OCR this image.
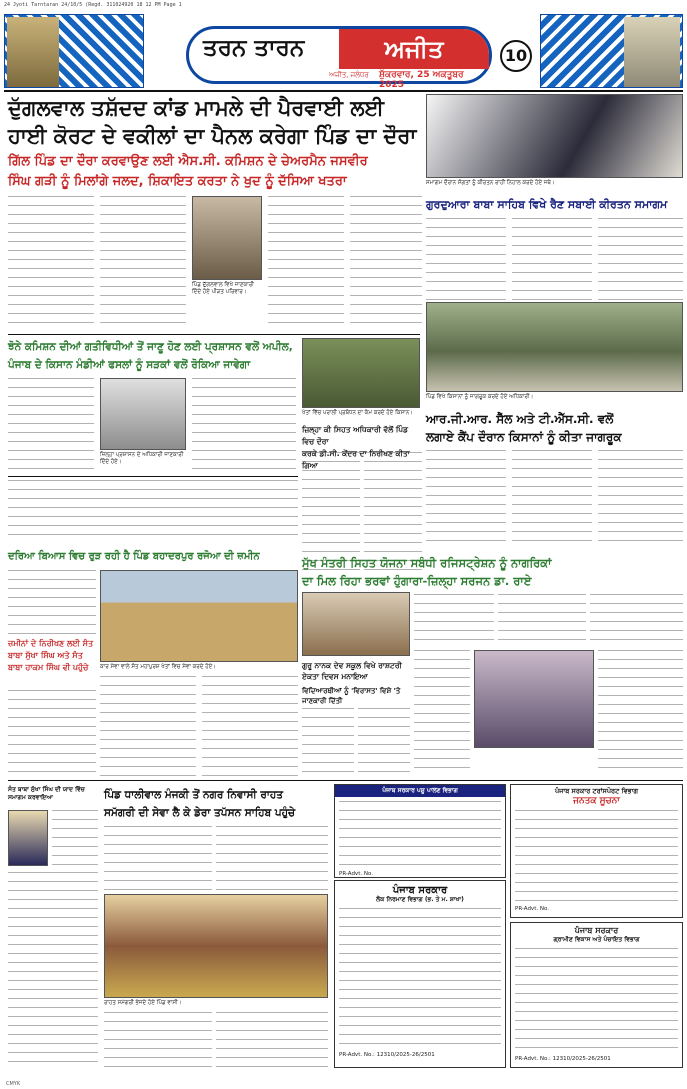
24 Jyoti Tarntaran 24/10/5 (Regd. 311024920 18 12 PM Page 1
ਤਰਨ ਤਾਰਨ	ਅਜੀਤ
ਅਜੀਤ, ਜਲੰਧਰ ਸ਼ੁੱਕਰਵਾਰ, 25 ਅਕਤੂਬਰ 2025
10
ਦੁੱਗਲਵਾਲ ਤਸ਼ੱਦਦ ਕਾਂਡ ਮਾਮਲੇ ਦੀ ਪੈਰਵਾਈ ਲਈ
ਹਾਈ ਕੋਰਟ ਦੇ ਵਕੀਲਾਂ ਦਾ ਪੈਨਲ ਕਰੇਗਾ ਪਿੰਡ ਦਾ ਦੌਰਾ
ਗਿੱਲ ਪਿੰਡ ਦਾ ਦੌਰਾ ਕਰਵਾਉਣ ਲਈ ਐਸ.ਸੀ. ਕਮਿਸ਼ਨ ਦੇ ਚੇਅਰਮੈਨ ਜਸਵੀਰ
ਸਿੰਘ ਗੜੀ ਨੂੰ ਮਿਲਾਂਗੇ ਜਲਦ, ਸ਼ਿਕਾਇਤ ਕਰਤਾ ਨੇ ਖੁਦ ਨੂੰ ਦੱਸਿਆ ਖਤਰਾ
ਪਿੰਡ ਦੁੱਗਲਵਾਲ ਵਿਖੇ ਜਾਣਕਾਰੀ ਦਿੰਦੇ ਹੋਏ ਪੀੜਤ ਪਰਿਵਾਰ।
ਸਮਾਗਮ ਦੌਰਾਨ ਸੰਗਤਾਂ ਨੂੰ ਕੀਰਤਨ ਰਾਹੀਂ ਨਿਹਾਲ ਕਰਦੇ ਹੋਏ ਜਥੇ।
ਗੁਰਦੁਆਰਾ ਬਾਬਾ ਸਾਹਿਬ ਵਿਖੇ ਰੈਣ ਸਬਾਈ ਕੀਰਤਨ ਸਮਾਗਮ
ਪਿੰਡ ਵਿਖੇ ਕਿਸਾਨਾਂ ਨੂੰ ਜਾਗਰੂਕ ਕਰਦੇ ਹੋਏ ਅਧਿਕਾਰੀ।
ਝੋਨੇ ਕਮਿਸ਼ਨ ਦੀਆਂ ਗਤੀਵਿਧੀਆਂ ਤੋਂ ਜਾਣੂ ਹੋਣ ਲਈ ਪ੍ਰਸ਼ਾਸਨ ਵਲੋਂ ਅਪੀਲ,
ਪੰਜਾਬ ਦੇ ਕਿਸਾਨ ਮੰਡੀਆਂ ਫਸਲਾਂ ਨੂੰ ਸੜਕਾਂ ਵਲੋਂ ਰੋਕਿਆ ਜਾਵੇਗਾ
ਖੇਤਾਂ ਵਿੱਚ ਪਰਾਲੀ ਪ੍ਰਬੰਧਨ ਦਾ ਕੰਮ ਕਰਦੇ ਹੋਏ ਕਿਸਾਨ।
ਜ਼ਿਲ੍ਹਾ ਪ੍ਰਸ਼ਾਸਨ ਦੇ ਅਧਿਕਾਰੀ ਜਾਣਕਾਰੀ ਦਿੰਦੇ ਹੋਏ।
ਜ਼ਿਲ੍ਹਾ ਕੀ ਸਿਹਤ ਅਧਿਕਾਰੀ ਵੱਲੋਂ ਪਿੰਡ ਵਿਚ ਦੌਰਾ
ਕਰਕੇ ਡੀ.ਸੀ. ਕੇਂਦਰ ਦਾ ਨਿਰੀਖਣ ਕੀਤਾ ਗਿਆ
ਆਰ.ਜੀ.ਆਰ. ਸੈੱਲ ਅਤੇ ਟੀ.ਐੱਸ.ਸੀ. ਵਲੋਂ
ਲਗਾਏ ਕੈਂਪ ਦੌਰਾਨ ਕਿਸਾਨਾਂ ਨੂੰ ਕੀਤਾ ਜਾਗਰੂਕ
ਦਰਿਆ ਬਿਆਸ ਵਿਚ ਰੁੜ ਰਹੀ ਹੈ ਪਿੰਡ ਬਹਾਦਰਪੁਰ ਰਜੋਆ ਦੀ ਜ਼ਮੀਨ
ਜ਼ਮੀਨਾਂ ਦੇ ਨਿਰੀਖਣ ਲਈ ਸੰਤ ਬਾਬਾ ਸੁੱਖਾ ਸਿੰਘ ਅਤੇ ਸੰਤ ਬਾਬਾ ਹਾਕਮ ਸਿੰਘ ਵੀ ਪਹੁੰਚੇ	ਕਾਰ ਸੇਵਾ ਵਾਲੇ ਸੰਤ ਮਹਾਪੁਰਸ਼ ਖੇਤਾਂ ਵਿਚ ਸੇਵਾ ਕਰਦੇ ਹੋਏ।
ਮੁੱਖ ਮੰਤਰੀ ਸਿਹਤ ਯੋਜਨਾ ਸਬੰਧੀ ਰਜਿਸਟ੍ਰੇਸ਼ਨ ਨੂੰ ਨਾਗਰਿਕਾਂ
ਦਾ ਮਿਲ ਰਿਹਾ ਭਰਵਾਂ ਹੁੰਗਾਰਾ-ਜ਼ਿਲ੍ਹਾ ਸਰਜਨ ਡਾ. ਰਾਏ
ਗੁਰੂ ਨਾਨਕ ਦੇਵ ਸਕੂਲ ਵਿਖੇ ਰਾਸ਼ਟਰੀ ਏਕਤਾ ਦਿਵਸ ਮਨਾਇਆ
ਵਿਦਿਆਰਥੀਆਂ ਨੂੰ 'ਵਿਰਾਸਤ' ਵਿਸ਼ੇ 'ਤੇ ਜਾਣਕਾਰੀ ਦਿੱਤੀ
ਸੰਤ ਬਾਬਾ ਸੁੱਖਾ ਸਿੰਘ ਦੀ ਯਾਦ ਵਿੱਚ ਸਮਾਗਮ ਕਰਵਾਇਆ	ਪਿੰਡ ਧਾਲੀਵਾਲ ਮੰਜਕੀ ਤੋਂ ਨਗਰ ਨਿਵਾਸੀ ਰਾਹਤ
ਸਮੱਗਰੀ ਦੀ ਸੇਵਾ ਲੈ ਕੇ ਡੇਰਾ ਤਪੱਸਨ ਸਾਹਿਬ ਪਹੁੰਚੇ
ਰਾਹਤ ਸਮੱਗਰੀ ਭੇਜਦੇ ਹੋਏ ਪਿੰਡ ਵਾਸੀ।
ਪੰਜਾਬ ਸਰਕਾਰ ਪਸ਼ੂ ਪਾਲਣ ਵਿਭਾਗ
PR-Advt. No.
ਪੰਜਾਬ ਸਰਕਾਰ
ਲੋਕ ਨਿਰਮਾਣ ਵਿਭਾਗ (ਭ. ਤੇ ਮ. ਸ਼ਾਖਾ)
PR-Advt. No.: 12310/2025-26/2501
ਪੰਜਾਬ ਸਰਕਾਰ ਟਰਾਂਸਪੋਰਟ ਵਿਭਾਗ
ਜਨਤਕ ਸੂਚਨਾ
PR-Advt. No.
ਪੰਜਾਬ ਸਰਕਾਰ
ਗ੍ਰਾਮੀਣ ਵਿਕਾਸ ਅਤੇ ਪੰਚਾਇਤ ਵਿਭਾਗ
PR-Advt. No.: 12310/2025-26/2501
CMYK
